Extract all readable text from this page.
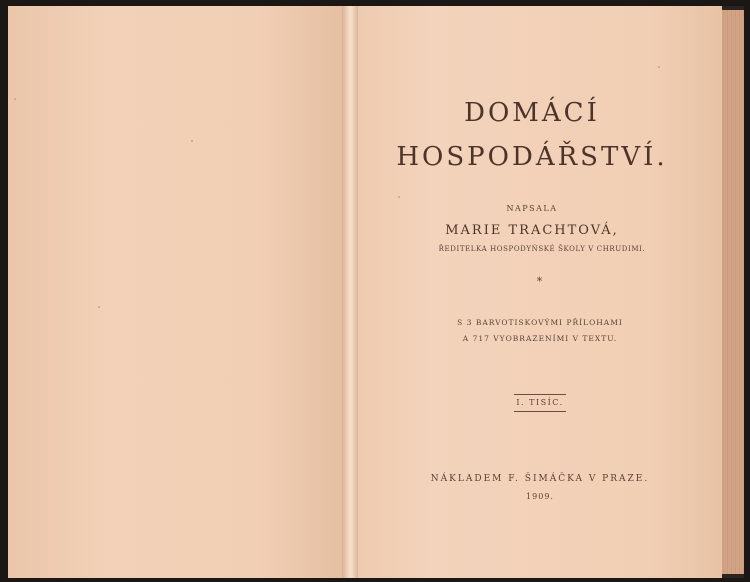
DOMÁCÍ
HOSPODÁŘSTVÍ.
NAPSALA
MARIE TRACHTOVÁ,
ŘEDITELKA HOSPODYŇSKÉ ŠKOLY V CHRUDIMI.
*
S 3 BARVOTISKOVÝMI PŘÍLOHAMI
A 717 VYOBRAZENÍMI V TEXTU.
I. TISÍC.
NÁKLADEM F. ŠIMÁČKA V PRAZE.
1909.
